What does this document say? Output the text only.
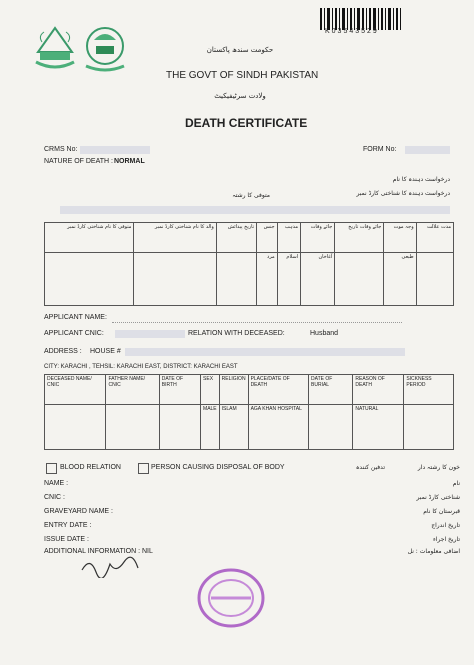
K03543529
حکومت سندھ پاکستان
THE GOVT OF SINDH PAKISTAN
ولادت سرٹیفیکیٹ
DEATH CERTIFICATE
CRMS No:	FORM No:
NATURE OF DEATH : NORMAL
درخواست دہندہ کا نام
درخواست دہندہ کا شناختی کارڈ نمبر
متوفی کا رشتہ
مدت علالت	وجہ موت	جائے وفات تاریخ	جائے وفات	مذہب	جنس	تاریخ پیدائش	والد کا نام شناختی کارڈ نمبر	متوفی کا نام شناختی کارڈ نمبر
	طبعی		آغاخان	اسلام	مرد			
APPLICANT NAME:
APPLICANT CNIC:	RELATION WITH DECEASED:	Husband
ADDRESS : HOUSE #
CITY: KARACHI , TEHSIL: KARACHI EAST, DISTRICT: KARACHI EAST
DECEASED NAME/ CNIC	FATHER NAME/ CNIC	DATE OF BIRTH	SEX	RELIGION	PLACE/DATE OF DEATH	DATE OF BURIAL	REASON OF DEATH	SICKNESS PERIOD
			MALE	ISLAM	AGA KHAN HOSPITAL		NATURAL	
BLOOD RELATION	PERSON CAUSING DISPOSAL OF BODY	خون کا رشتہ دار
تدفین کنندہ
NAME :
CNIC :
GRAVEYARD NAME :
ENTRY DATE :
ISSUE DATE :
ADDITIONAL INFORMATION : NIL
نام
شناختی کارڈ نمبر
قبرستان کا نام
تاریخ اندراج
تاریخ اجراء
اضافی معلومات : نل
